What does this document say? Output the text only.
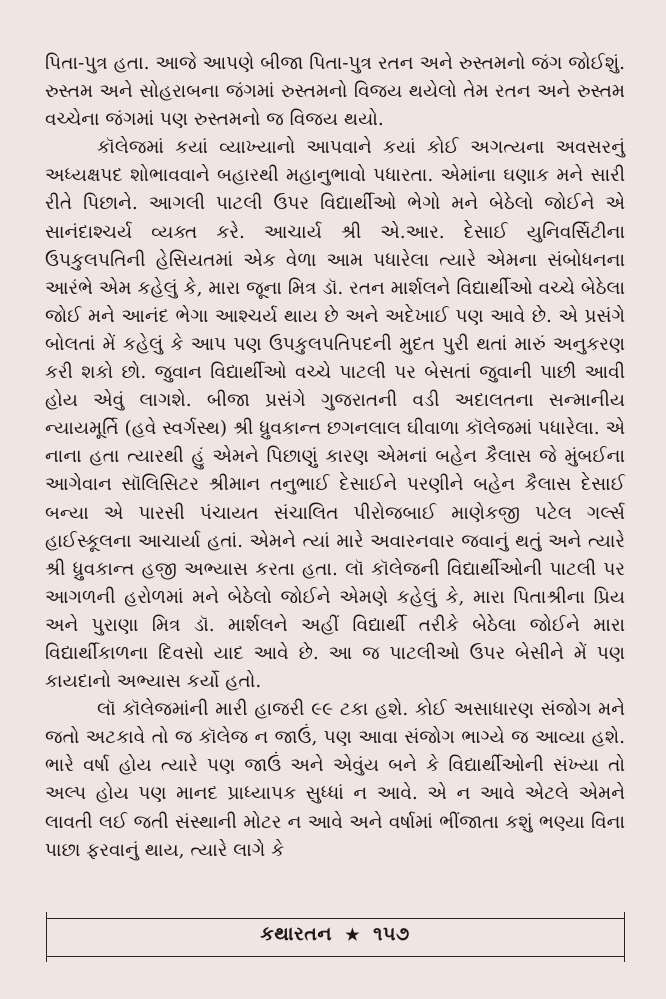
પિતા-પુત્ર હતા. આજે આપણે બીજા પિતા-પુત્ર રતન અને રુસ્તમનો જંગ જોઈશું. રુસ્તમ અને સોહરાબના જંગમાં રુસ્તમનો વિજય થયેલો તેમ રતન અને રુસ્તમ વચ્ચેના જંગમાં પણ રુસ્તમનો જ વિજય થયો.

કૉલેજમાં કયાં વ્યાખ્યાનો આપવાને કયાં કોઈ અગત્યના અવસરનું અધ્યક્ષપદ શોભાવવાને બહારથી મહાનુભાવો પધારતા. એમાંના ઘણાક મને સારી રીતે પિછાને. આગલી પાટલી ઉપર વિદ્યાર્થીઓ ભેગો મને બેઠેલો જોઈને એ સાનંદાશ્ચર્ય વ્યક્ત કરે. આચાર્ય શ્રી એ.આર. દેસાઈ યુનિવર્સિટીના ઉપકુલપતિની હેસિયતમાં એક વેળા આમ પધારેલા ત્યારે એમના સંબોધનના આરંભે એમ કહેલું કે, મારા જૂના મિત્ર ડૉ. રતન માર્શલને વિદ્યાર્થીઓ વચ્ચે બેઠેલા જોઈ મને આનંદ ભેગા આશ્ચર્ય થાય છે અને અદેખાઈ પણ આવે છે. એ પ્રસંગે બોલતાં મેં કહેલું કે આપ પણ ઉપકુલપતિપદની મુદત પુરી થતાં મારું અનુકરણ કરી શકો છો. જુવાન વિદ્યાર્થીઓ વચ્ચે પાટલી પર બેસતાં જુવાની પાછી આવી હોય એવું લાગશે. બીજા પ્રસંગે ગુજરાતની વડી અદાલતના સન્માનીય ન્યાયમૂર્તિ (હવે સ્વર્ગસ્થ) શ્રી ધ્રુવકાન્ત છગનલાલ ઘીવાળા કૉલેજમાં પધારેલા. એ નાના હતા ત્યારથી હું એમને પિછાણું કારણ એમનાં બહેન કૈલાસ જે મુંબઈના આગેવાન સૉલિસિટર શ્રીમાન તનુભાઈ દેસાઈને પરણીને બહેન કૈલાસ દેસાઈ બન્યા એ પારસી પંચાયત સંચાલિત પીરોજબાઈ માણેકજી પટેલ ગર્લ્સ હાઈસ્કૂલના આચાર્યા હતાં. એમને ત્યાં મારે અવારનવાર જવાનું થતું અને ત્યારે શ્રી ધ્રુવકાન્ત હજી અભ્યાસ કરતા હતા. લૉ કૉલેજની વિદ્યાર્થીઓની પાટલી પર આગળની હરોળમાં મને બેઠેલો જોઈને એમણે કહેલું કે, મારા પિતાશ્રીના પ્રિય અને પુરાણા મિત્ર ડૉ. માર્શલને અહીં વિદ્યાર્થી તરીકે બેઠેલા જોઈને મારા વિદ્યાર્થીકાળના દિવસો યાદ આવે છે. આ જ પાટલીઓ ઉપર બેસીને મેં પણ કાયદાનો અભ્યાસ કર્યો હતો.

લૉ કૉલેજમાંની મારી હાજરી ૯૯ ટકા હશે. કોઈ અસાધારણ સંજોગ મને જતો અટકાવે તો જ કૉલેજ ન જાઉં, પણ આવા સંજોગ ભાગ્યે જ આવ્યા હશે. ભારે વર્ષા હોય ત્યારે પણ જાઉં અને એવુંય બને કે વિદ્યાર્થીઓની સંખ્યા તો અલ્પ હોય પણ માનદ પ્રાધ્યાપક સુધ્ધાં ન આવે. એ ન આવે એટલે એમને લાવતી લઈ જતી સંસ્થાની મોટર ન આવે અને વર્ષામાં ભીંજાતા કશું ભણ્યા વિના પાછા ફરવાનું થાય, ત્યારે લાગે કે

કથારતન ★ ૧૫૭
